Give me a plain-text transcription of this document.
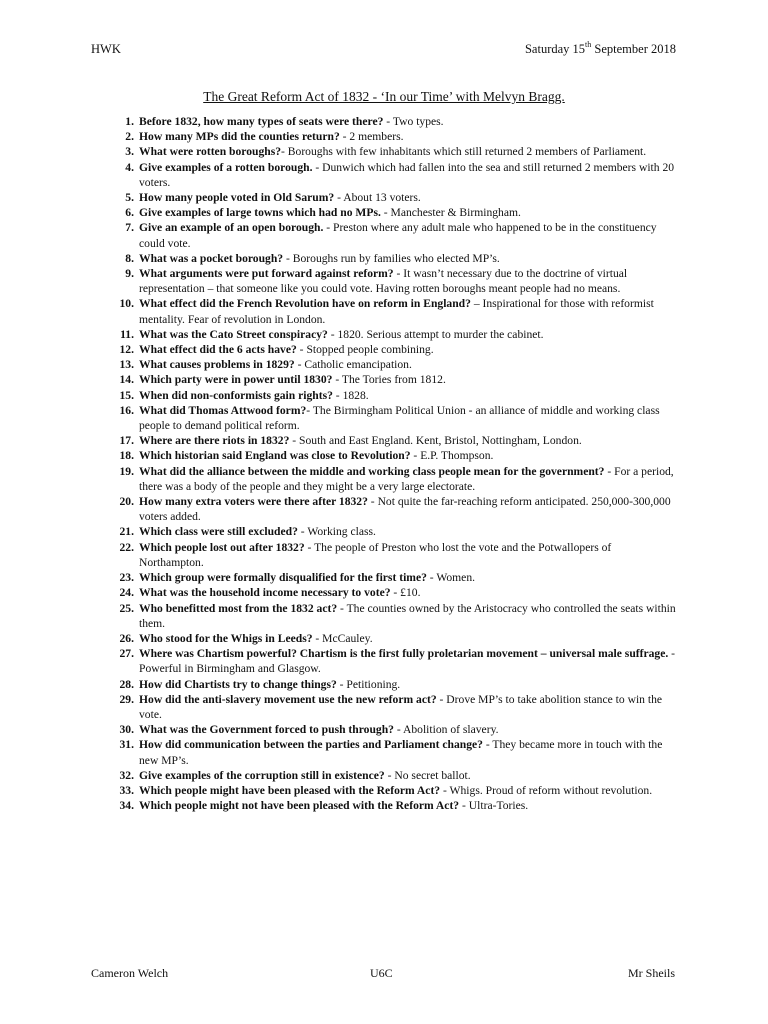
HWK	Saturday 15th September 2018
The Great Reform Act of 1832 - ‘In our Time’ with Melvyn Bragg.
1. Before 1832, how many types of seats were there? - Two types.
2. How many MPs did the counties return? - 2 members.
3. What were rotten boroughs?- Boroughs with few inhabitants which still returned 2 members of Parliament.
4. Give examples of a rotten borough. - Dunwich which had fallen into the sea and still returned 2 members with 20 voters.
5. How many people voted in Old Sarum? - About 13 voters.
6. Give examples of large towns which had no MPs. - Manchester & Birmingham.
7. Give an example of an open borough. - Preston where any adult male who happened to be in the constituency could vote.
8. What was a pocket borough? - Boroughs run by families who elected MP’s.
9. What arguments were put forward against reform? - It wasn’t necessary due to the doctrine of virtual representation – that someone like you could vote. Having rotten boroughs meant people had no means.
10. What effect did the French Revolution have on reform in England? – Inspirational for those with reformist mentality. Fear of revolution in London.
11. What was the Cato Street conspiracy? - 1820. Serious attempt to murder the cabinet.
12. What effect did the 6 acts have? - Stopped people combining.
13. What causes problems in 1829? - Catholic emancipation.
14. Which party were in power until 1830? - The Tories from 1812.
15. When did non-conformists gain rights? - 1828.
16. What did Thomas Attwood form?- The Birmingham Political Union - an alliance of middle and working class people to demand political reform.
17. Where are there riots in 1832? - South and East England. Kent, Bristol, Nottingham, London.
18. Which historian said England was close to Revolution? - E.P. Thompson.
19. What did the alliance between the middle and working class people mean for the government? - For a period, there was a body of the people and they might be a very large electorate.
20. How many extra voters were there after 1832? - Not quite the far-reaching reform anticipated. 250,000-300,000 voters added.
21. Which class were still excluded? - Working class.
22. Which people lost out after 1832? - The people of Preston who lost the vote and the Potwallopers of Northampton.
23. Which group were formally disqualified for the first time? - Women.
24. What was the household income necessary to vote? - £10.
25. Who benefitted most from the 1832 act? - The counties owned by the Aristocracy who controlled the seats within them.
26. Who stood for the Whigs in Leeds? - McCauley.
27. Where was Chartism powerful? Chartism is the first fully proletarian movement – universal male suffrage. - Powerful in Birmingham and Glasgow.
28. How did Chartists try to change things? - Petitioning.
29. How did the anti-slavery movement use the new reform act? - Drove MP’s to take abolition stance to win the vote.
30. What was the Government forced to push through? - Abolition of slavery.
31. How did communication between the parties and Parliament change? - They became more in touch with the new MP’s.
32. Give examples of the corruption still in existence? - No secret ballot.
33. Which people might have been pleased with the Reform Act? - Whigs. Proud of reform without revolution.
34. Which people might not have been pleased with the Reform Act? - Ultra-Tories.
Cameron Welch	U6C	Mr Sheils
